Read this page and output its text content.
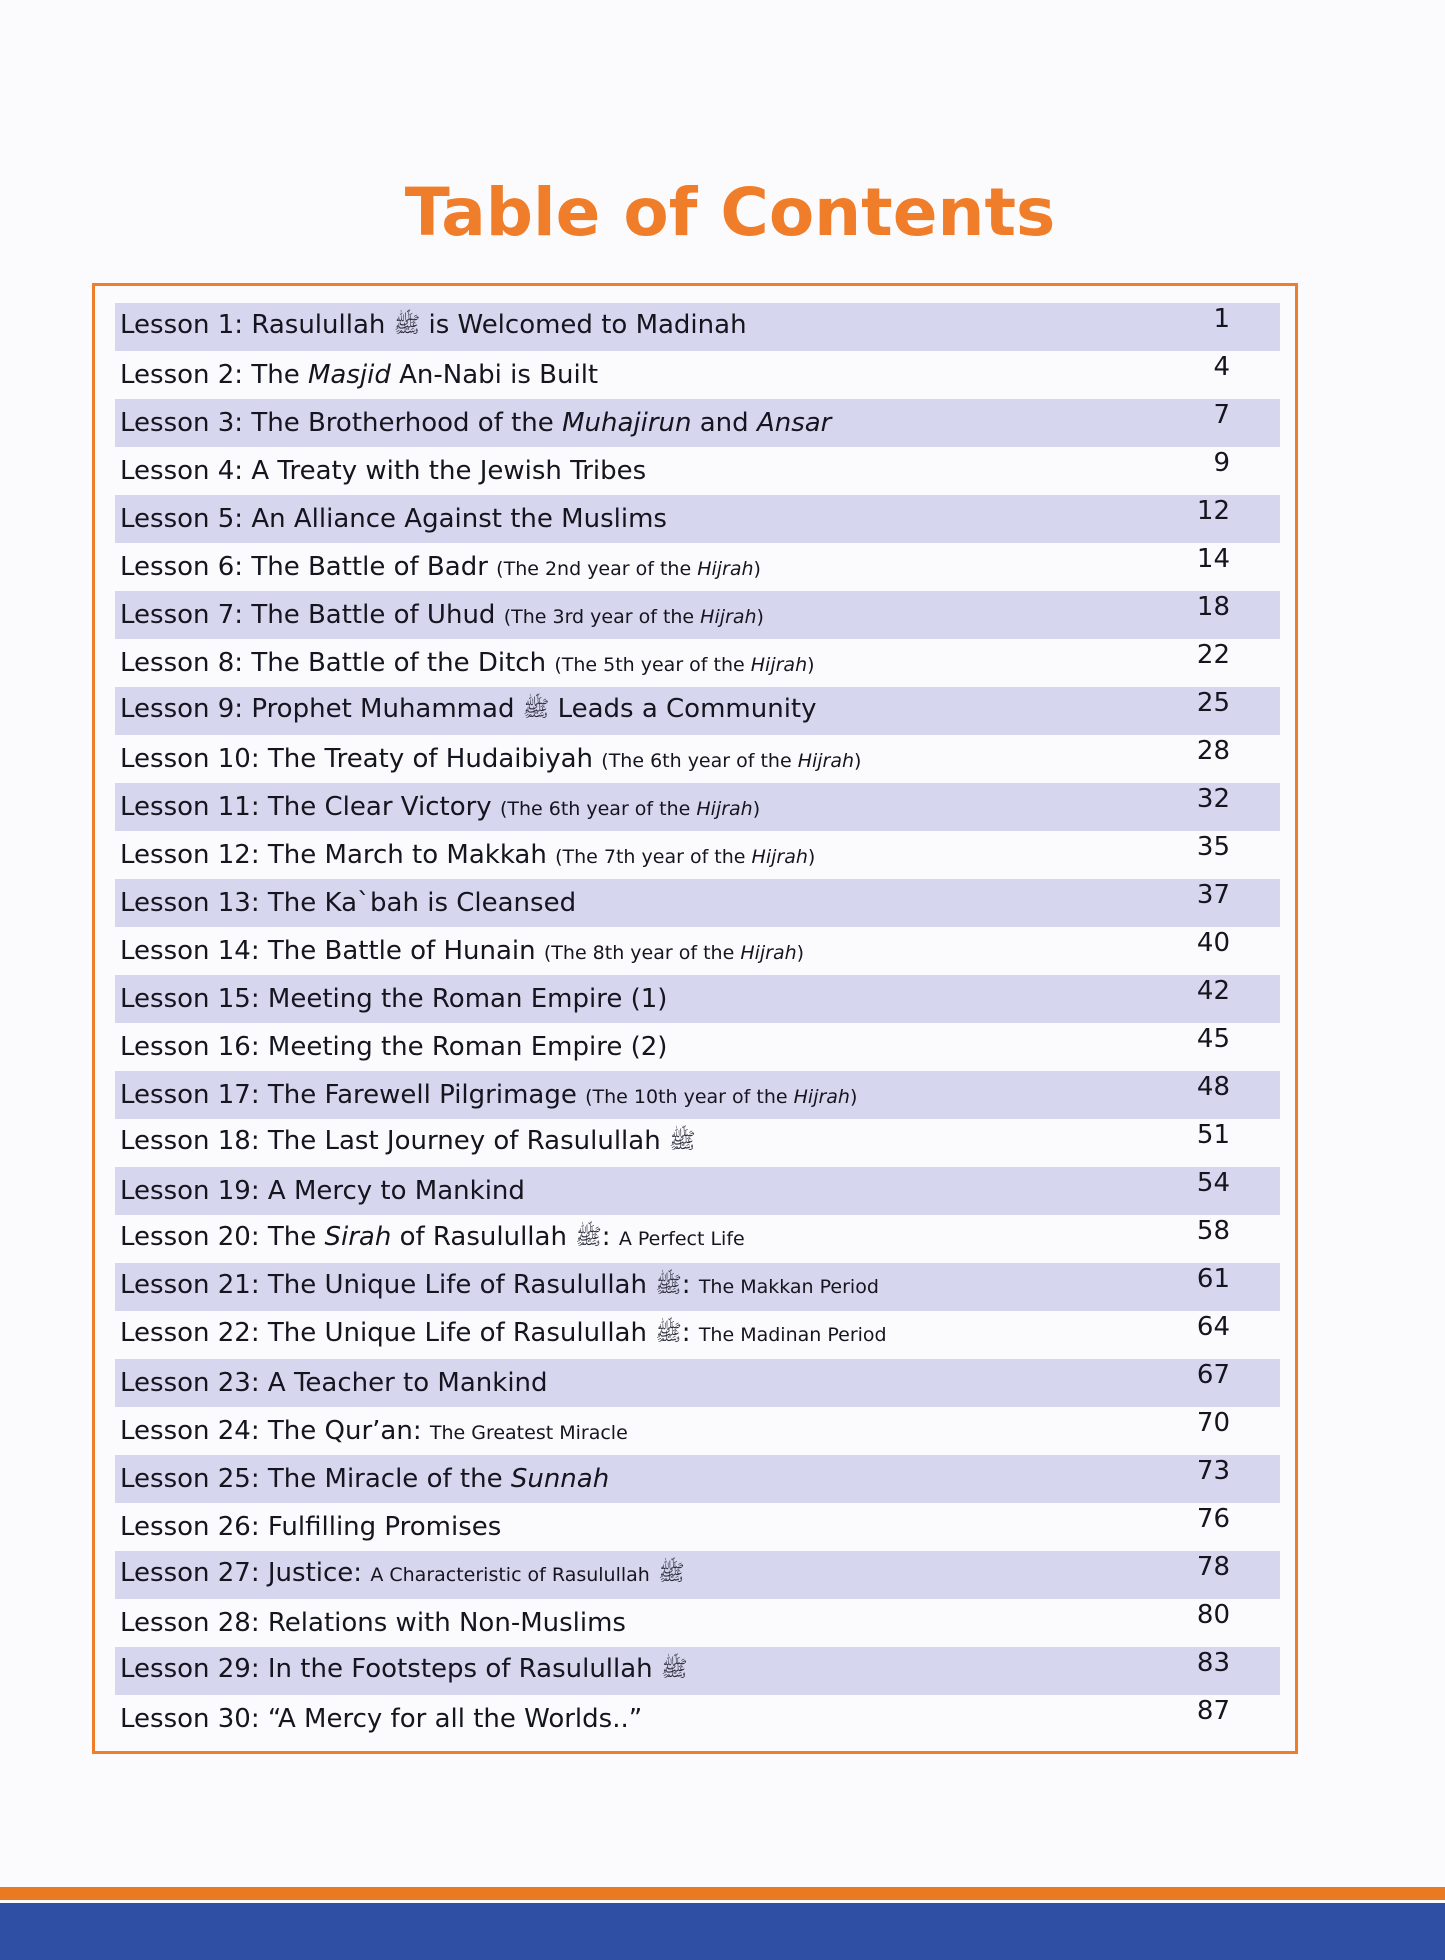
Table of Contents
Lesson 1: Rasulullah ﷺ is Welcomed to Madinah	1
Lesson 2: The Masjid An-Nabi is Built	4
Lesson 3: The Brotherhood of the Muhajirun and Ansar	7
Lesson 4: A Treaty with the Jewish Tribes	9
Lesson 5: An Alliance Against the Muslims	12
Lesson 6: The Battle of Badr (The 2nd year of the Hijrah)	14
Lesson 7: The Battle of Uhud (The 3rd year of the Hijrah)	18
Lesson 8: The Battle of the Ditch (The 5th year of the Hijrah)	22
Lesson 9: Prophet Muhammad ﷺ Leads a Community	25
Lesson 10: The Treaty of Hudaibiyah (The 6th year of the Hijrah)	28
Lesson 11: The Clear Victory (The 6th year of the Hijrah)	32
Lesson 12: The March to Makkah (The 7th year of the Hijrah)	35
Lesson 13: The Ka`bah is Cleansed	37
Lesson 14: The Battle of Hunain (The 8th year of the Hijrah)	40
Lesson 15: Meeting the Roman Empire (1)	42
Lesson 16: Meeting the Roman Empire (2)	45
Lesson 17: The Farewell Pilgrimage (The 10th year of the Hijrah)	48
Lesson 18: The Last Journey of Rasulullah ﷺ	51
Lesson 19: A Mercy to Mankind	54
Lesson 20: The Sirah of Rasulullah ﷺ: A Perfect Life	58
Lesson 21: The Unique Life of Rasulullah ﷺ: The Makkan Period	61
Lesson 22: The Unique Life of Rasulullah ﷺ: The Madinan Period	64
Lesson 23: A Teacher to Mankind	67
Lesson 24: The Qur’an: The Greatest Miracle	70
Lesson 25: The Miracle of the Sunnah	73
Lesson 26: Fulfilling Promises	76
Lesson 27: Justice: A Characteristic of Rasulullah ﷺ	78
Lesson 28: Relations with Non-Muslims	80
Lesson 29: In the Footsteps of Rasulullah ﷺ	83
Lesson 30: “A Mercy for all the Worlds..”	87
